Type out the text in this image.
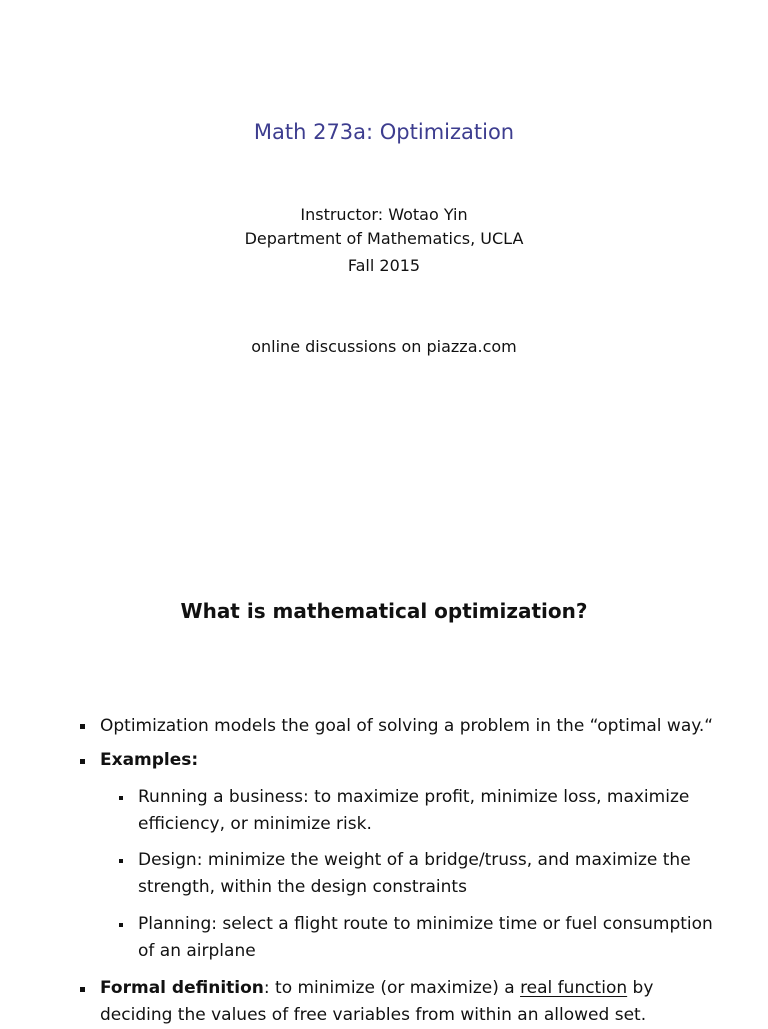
Math 273a: Optimization

Instructor: Wotao Yin

Department of Mathematics, UCLA

Fall 2015

online discussions on piazza.com

What is mathematical optimization?

Optimization models the goal of solving a problem in the “optimal way.“

Examples:

Running a business: to maximize profit, minimize loss, maximize efficiency, or minimize risk.

Design: minimize the weight of a bridge/truss, and maximize the strength, within the design constraints

Planning: select a flight route to minimize time or fuel consumption of an airplane

Formal definition: to minimize (or maximize) a real function by deciding the values of free variables from within an allowed set.
